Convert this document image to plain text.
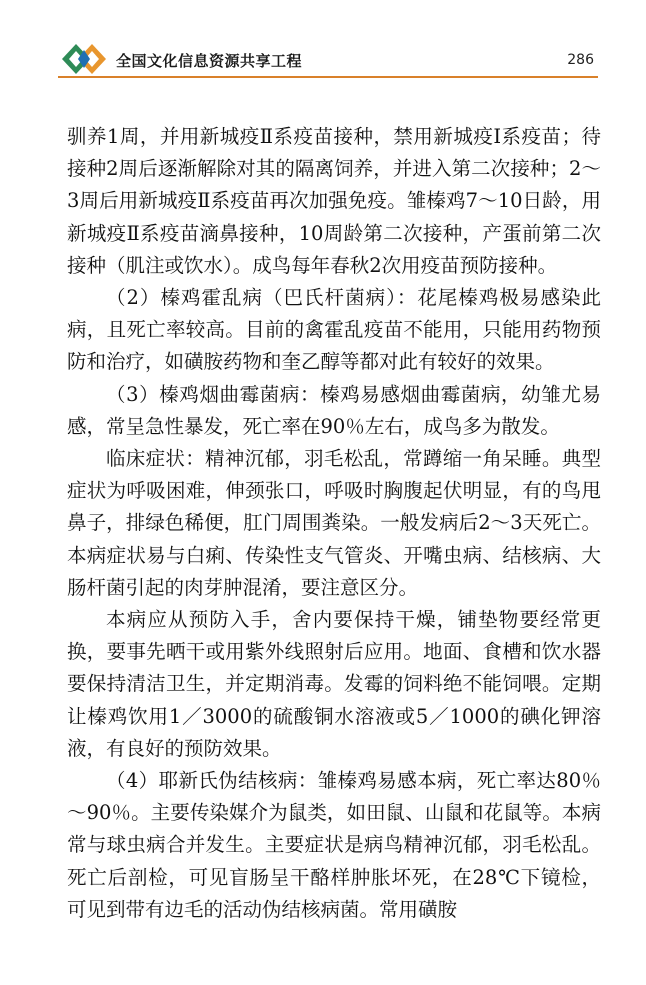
全国文化信息资源共享工程	286

驯养1周，并用新城疫Ⅱ系疫苗接种，禁用新城疫Ⅰ系疫苗；待接种2周后逐渐解除对其的隔离饲养，并进入第二次接种；2～3周后用新城疫Ⅱ系疫苗再次加强免疫。雏榛鸡7～10日龄，用新城疫Ⅱ系疫苗滴鼻接种，10周龄第二次接种，产蛋前第二次接种（肌注或饮水）。成鸟每年春秋2次用疫苗预防接种。

（2）榛鸡霍乱病（巴氏杆菌病）：花尾榛鸡极易感染此病，且死亡率较高。目前的禽霍乱疫苗不能用，只能用药物预防和治疗，如磺胺药物和奎乙醇等都对此有较好的效果。

（3）榛鸡烟曲霉菌病：榛鸡易感烟曲霉菌病，幼雏尤易感，常呈急性暴发，死亡率在90％左右，成鸟多为散发。

临床症状：精神沉郁，羽毛松乱，常蹲缩一角呆睡。典型症状为呼吸困难，伸颈张口，呼吸时胸腹起伏明显，有的鸟甩鼻子，排绿色稀便，肛门周围粪染。一般发病后2～3天死亡。本病症状易与白痢、传染性支气管炎、开嘴虫病、结核病、大肠杆菌引起的肉芽肿混淆，要注意区分。

本病应从预防入手，舍内要保持干燥，铺垫物要经常更换，要事先晒干或用紫外线照射后应用。地面、食槽和饮水器要保持清洁卫生，并定期消毒。发霉的饲料绝不能饲喂。定期让榛鸡饮用1／3000的硫酸铜水溶液或5／1000的碘化钾溶液，有良好的预防效果。

（4）耶新氏伪结核病：雏榛鸡易感本病，死亡率达80％～90％。主要传染媒介为鼠类，如田鼠、山鼠和花鼠等。本病常与球虫病合并发生。主要症状是病鸟精神沉郁，羽毛松乱。死亡后剖检，可见盲肠呈干酪样肿胀坏死，在28℃下镜检，可见到带有边毛的活动伪结核病菌。常用磺胺
